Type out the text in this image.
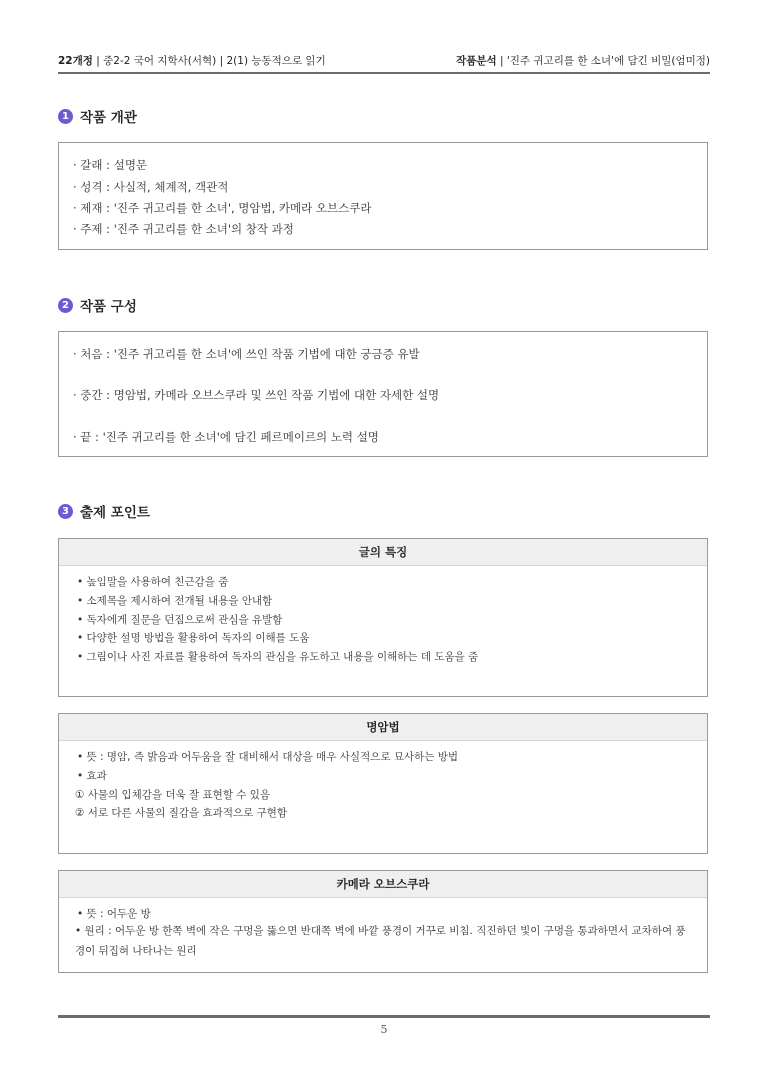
22개정 | 중2-2 국어 지학사(서혁) | 2(1) 능동적으로 읽기	작품분석 | '진주 귀고리를 한 소녀'에 담긴 비밀(엄미정)
1 작품 개관
· 갈래 : 설명문
· 성격 : 사실적, 체계적, 객관적
· 제재 : '진주 귀고리를 한 소녀', 명암법, 카메라 오브스쿠라
· 주제 : '진주 귀고리를 한 소녀'의 창작 과정
2 작품 구성
· 처음 : '진주 귀고리를 한 소녀'에 쓰인 작품 기법에 대한 궁금증 유발
· 중간 : 명암법, 카메라 오브스쿠라 및 쓰인 작품 기법에 대한 자세한 설명
· 끝 : '진주 귀고리를 한 소녀'에 담긴 페르메이르의 노력 설명
3 출제 포인트
글의 특징
• 높임말을 사용하여 친근감을 줌
• 소제목을 제시하여 전개될 내용을 안내함
• 독자에게 질문을 던짐으로써 관심을 유발함
• 다양한 설명 방법을 활용하여 독자의 이해를 도움
• 그림이나 사진 자료를 활용하여 독자의 관심을 유도하고 내용을 이해하는 데 도움을 줌
명암법
• 뜻 : 명암, 즉 밝음과 어두움을 잘 대비해서 대상을 매우 사실적으로 묘사하는 방법
• 효과
① 사물의 입체감을 더욱 잘 표현할 수 있음
② 서로 다른 사물의 질감을 효과적으로 구현함
카메라 오브스쿠라
• 뜻 : 어두운 방
• 원리 : 어두운 방 한쪽 벽에 작은 구멍을 뚫으면 반대쪽 벽에 바깥 풍경이 거꾸로 비침. 직진하던 빛이 구멍을 통과하면서 교차하여 풍경이 뒤집혀 나타나는 원리
5
